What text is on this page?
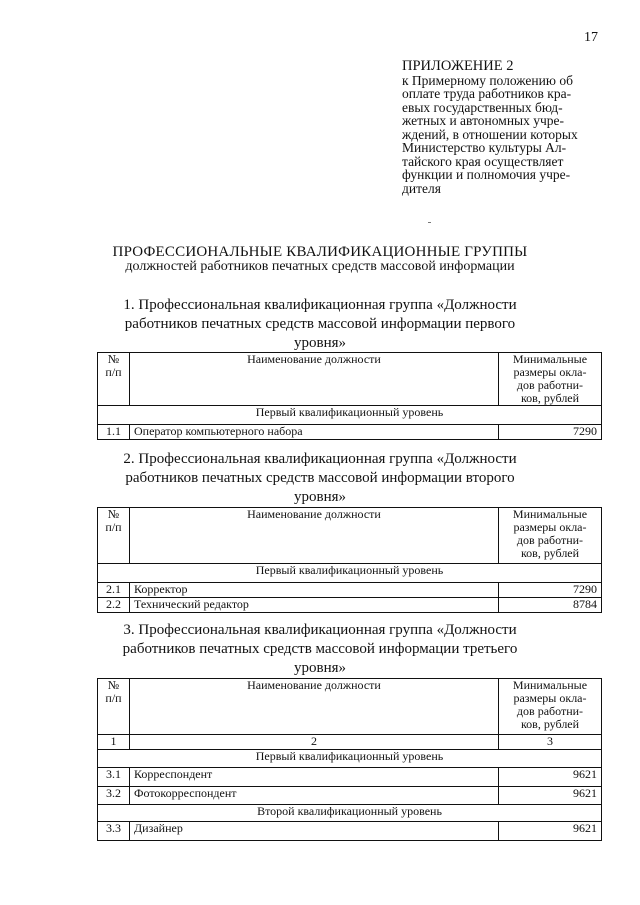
17
ПРИЛОЖЕНИЕ 2
к Примерному положению об
оплате труда работников кра-
евых государственных бюд-
жетных и автономных учре-
ждений, в отношении которых
Министерство культуры Ал-
тайского края осуществляет
функции и полномочия учре-
дителя
ПРОФЕССИОНАЛЬНЫЕ КВАЛИФИКАЦИОННЫЕ ГРУППЫ
должностей работников печатных средств массовой информации
1. Профессиональная квалификационная группа «Должности
работников печатных средств массовой информации первого
уровня»
№ п/п	Наименование должности	Минимальные
размеры окла-
дов работни-
ков, рублей

Первый квалификационный уровень		
1.1	Оператор компьютерного набора	7290
2. Профессиональная квалификационная группа «Должности
работников печатных средств массовой информации второго
уровня»
№ п/п	Наименование должности	Минимальные
размеры окла-
дов работни-
ков, рублей

Первый квалификационный уровень		
2.1	Корректор	7290
2.2	Технический редактор	8784
3. Профессиональная квалификационная группа «Должности
работников печатных средств массовой информации третьего
уровня»
№ п/п	Наименование должности	Минимальные
размеры окла-
дов работни-
ков, рублей

1	2	3
Первый квалификационный уровень		
3.1	Корреспондент	9621
3.2	Фотокорреспондент	9621
Второй квалификационный уровень		
3.3	Дизайнер	9621
